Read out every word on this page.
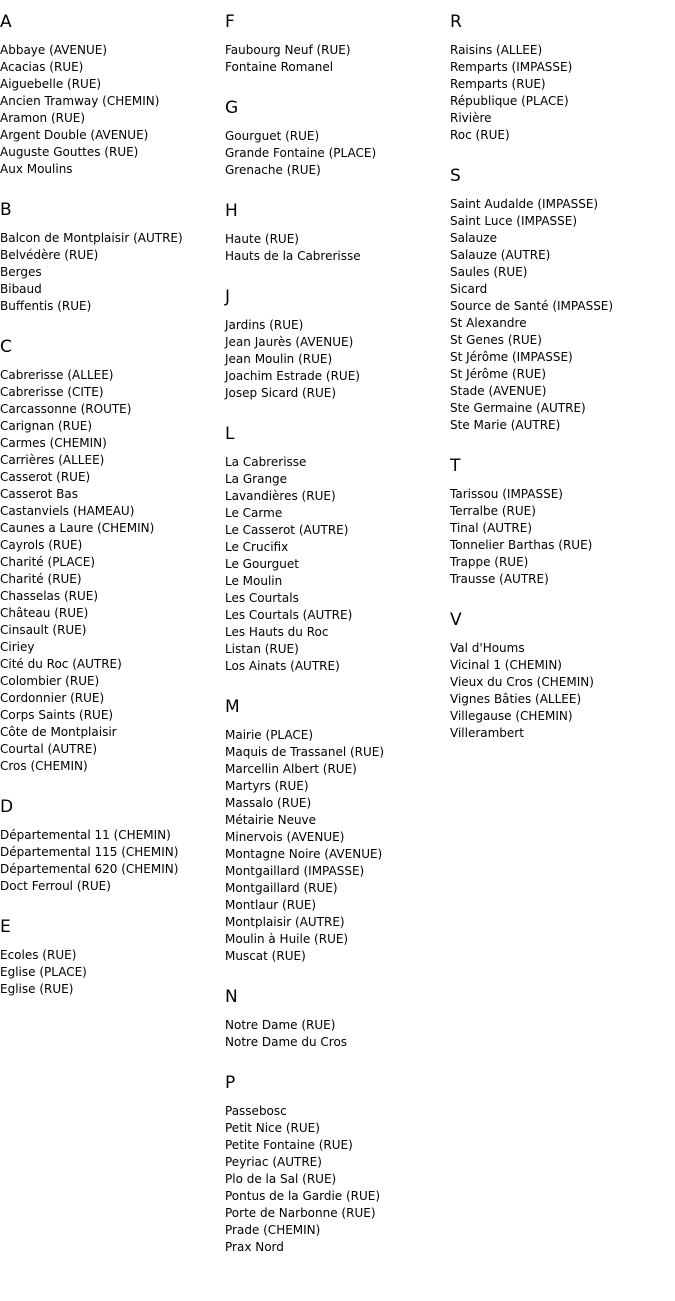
A
Abbaye (AVENUE)
Acacias (RUE)
Aiguebelle (RUE)
Ancien Tramway (CHEMIN)
Aramon (RUE)
Argent Double (AVENUE)
Auguste Gouttes (RUE)
Aux Moulins
B
Balcon de Montplaisir (AUTRE)
Belvédère (RUE)
Berges
Bibaud
Buffentis (RUE)
C
Cabrerisse (ALLEE)
Cabrerisse (CITE)
Carcassonne (ROUTE)
Carignan (RUE)
Carmes (CHEMIN)
Carrières (ALLEE)
Casserot (RUE)
Casserot Bas
Castanviels (HAMEAU)
Caunes a Laure (CHEMIN)
Cayrols (RUE)
Charité (PLACE)
Charité (RUE)
Chasselas (RUE)
Château (RUE)
Cinsault (RUE)
Ciriey
Cité du Roc (AUTRE)
Colombier (RUE)
Cordonnier (RUE)
Corps Saints (RUE)
Côte de Montplaisir
Courtal (AUTRE)
Cros (CHEMIN)
D
Départemental 11 (CHEMIN)
Départemental 115 (CHEMIN)
Départemental 620 (CHEMIN)
Doct Ferroul (RUE)
E
Ecoles (RUE)
Eglise (PLACE)
Eglise (RUE)
F
Faubourg Neuf (RUE)
Fontaine Romanel
G
Gourguet (RUE)
Grande Fontaine (PLACE)
Grenache (RUE)
H
Haute (RUE)
Hauts de la Cabrerisse
J
Jardins (RUE)
Jean Jaurès (AVENUE)
Jean Moulin (RUE)
Joachim Estrade (RUE)
Josep Sicard (RUE)
L
La Cabrerisse
La Grange
Lavandières (RUE)
Le Carme
Le Casserot (AUTRE)
Le Crucifix
Le Gourguet
Le Moulin
Les Courtals
Les Courtals (AUTRE)
Les Hauts du Roc
Listan (RUE)
Los Ainats (AUTRE)
M
Mairie (PLACE)
Maquis de Trassanel (RUE)
Marcellin Albert (RUE)
Martyrs (RUE)
Massalo (RUE)
Métairie Neuve
Minervois (AVENUE)
Montagne Noire (AVENUE)
Montgaillard (IMPASSE)
Montgaillard (RUE)
Montlaur (RUE)
Montplaisir (AUTRE)
Moulin à Huile (RUE)
Muscat (RUE)
N
Notre Dame (RUE)
Notre Dame du Cros
P
Passebosc
Petit Nice (RUE)
Petite Fontaine (RUE)
Peyriac (AUTRE)
Plo de la Sal (RUE)
Pontus de la Gardie (RUE)
Porte de Narbonne (RUE)
Prade (CHEMIN)
Prax Nord
R
Raisins (ALLEE)
Remparts (IMPASSE)
Remparts (RUE)
République (PLACE)
Rivière
Roc (RUE)
S
Saint Audalde (IMPASSE)
Saint Luce (IMPASSE)
Salauze
Salauze (AUTRE)
Saules (RUE)
Sicard
Source de Santé (IMPASSE)
St Alexandre
St Genes (RUE)
St Jérôme (IMPASSE)
St Jérôme (RUE)
Stade (AVENUE)
Ste Germaine (AUTRE)
Ste Marie (AUTRE)
T
Tarissou (IMPASSE)
Terralbe (RUE)
Tinal (AUTRE)
Tonnelier Barthas (RUE)
Trappe (RUE)
Trausse (AUTRE)
V
Val d'Houms
Vicinal 1 (CHEMIN)
Vieux du Cros (CHEMIN)
Vignes Bâties (ALLEE)
Villegause (CHEMIN)
Villerambert
